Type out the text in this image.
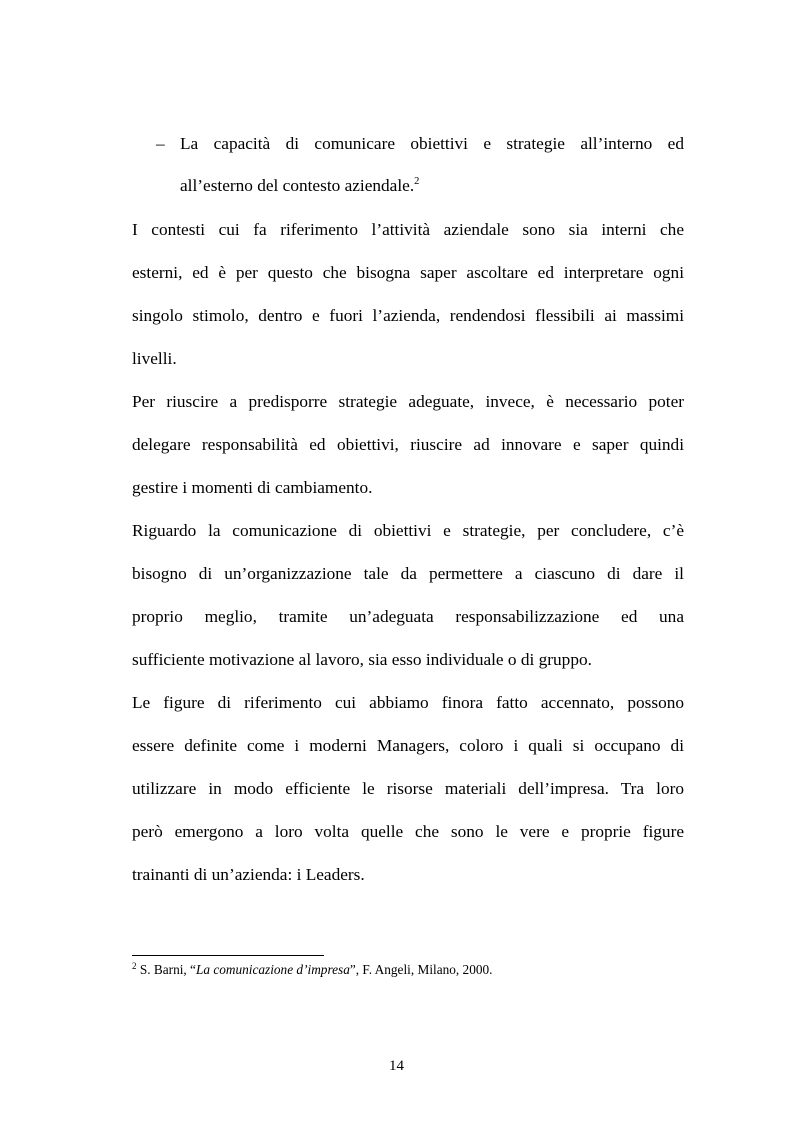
– La capacità di comunicare obiettivi e strategie all’interno ed
all’esterno del contesto aziendale.$^2$
I contesti cui fa riferimento l’attività aziendale sono sia interni che
esterni, ed è per questo che bisogna saper ascoltare ed interpretare ogni
singolo stimolo, dentro e fuori l’azienda, rendendosi flessibili ai massimi
livelli.
Per riuscire a predisporre strategie adeguate, invece, è necessario poter
delegare responsabilità ed obiettivi, riuscire ad innovare e saper quindi
gestire i momenti di cambiamento.
Riguardo la comunicazione di obiettivi e strategie, per concludere, c’è
bisogno di un’organizzazione tale da permettere a ciascuno di dare il
proprio meglio, tramite un’adeguata responsabilizzazione ed una
sufficiente motivazione al lavoro, sia esso individuale o di gruppo.
Le figure di riferimento cui abbiamo finora fatto accennato, possono
essere definite come i moderni Managers, coloro i quali si occupano di
utilizzare in modo efficiente le risorse materiali dell’impresa. Tra loro
però emergono a loro volta quelle che sono le vere e proprie figure
trainanti di un’azienda: i Leaders.
$^2$ S. Barni, “La comunicazione d’impresa”, F. Angeli, Milano, 2000.
14
